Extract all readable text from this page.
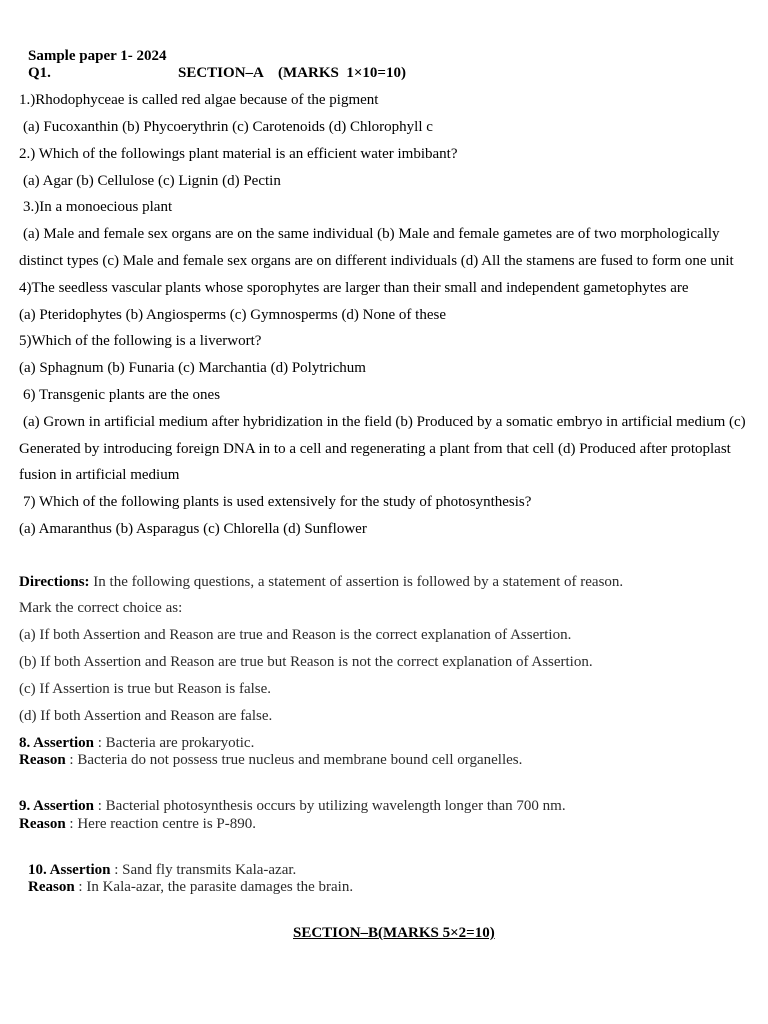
Sample paper 1- 2024
Q1.	SECTION–A    (MARKS  1×10=10)
1.)Rhodophyceae is called red algae because of the pigment
(a) Fucoxanthin (b) Phycoerythrin (c) Carotenoids (d) Chlorophyll c
2.) Which of the followings plant material is an efficient water imbibant?
(a) Agar (b) Cellulose (c) Lignin (d) Pectin
3.)In a monoecious plant
(a) Male and female sex organs are on the same individual (b) Male and female gametes are of two morphologically
distinct types (c) Male and female sex organs are on different individuals (d) All the stamens are fused to form one unit
4)The seedless vascular plants whose sporophytes are larger than their small and independent gametophytes are
(a) Pteridophytes (b) Angiosperms (c) Gymnosperms (d) None of these
5)Which of the following is a liverwort?
(a) Sphagnum (b) Funaria (c) Marchantia (d) Polytrichum
6) Transgenic plants are the ones
(a) Grown in artificial medium after hybridization in the field (b) Produced by a somatic embryo in artificial medium (c)
Generated by introducing foreign DNA in to a cell and regenerating a plant from that cell (d) Produced after protoplast
fusion in artificial medium
7) Which of the following plants is used extensively for the study of photosynthesis?
(a) Amaranthus (b) Asparagus (c) Chlorella (d) Sunflower
Directions: In the following questions, a statement of assertion is followed by a statement of reason.
Mark the correct choice as:
(a) If both Assertion and Reason are true and Reason is the correct explanation of Assertion.
(b) If both Assertion and Reason are true but Reason is not the correct explanation of Assertion.
(c) If Assertion is true but Reason is false.
(d) If both Assertion and Reason are false.
8. Assertion : Bacteria are prokaryotic.
Reason : Bacteria do not possess true nucleus and membrane bound cell organelles.
9. Assertion : Bacterial photosynthesis occurs by utilizing wavelength longer than 700 nm.
Reason : Here reaction centre is P-890.
10. Assertion : Sand fly transmits Kala-azar.
Reason : In Kala-azar, the parasite damages the brain.
SECTION–B(MARKS 5×2=10)
